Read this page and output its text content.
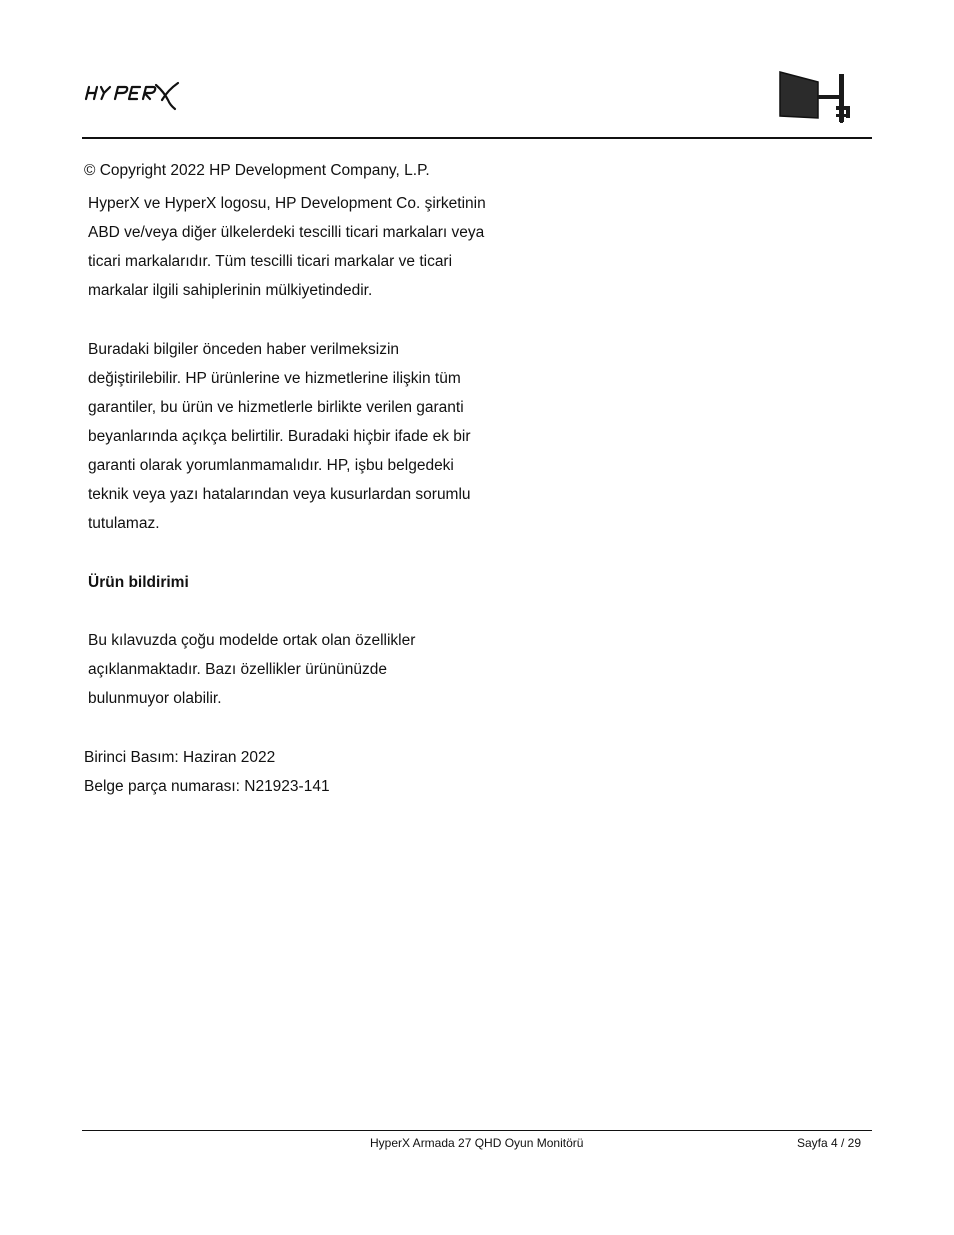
© Copyright 2022 HP Development Company, L.P.
HyperX ve HyperX logosu, HP Development Co. şirketinin
ABD ve/veya diğer ülkelerdeki tescilli ticari markaları veya
ticari markalarıdır. Tüm tescilli ticari markalar ve ticari
markalar ilgili sahiplerinin mülkiyetindedir.
Buradaki bilgiler önceden haber verilmeksizin
değiştirilebilir. HP ürünlerine ve hizmetlerine ilişkin tüm
garantiler, bu ürün ve hizmetlerle birlikte verilen garanti
beyanlarında açıkça belirtilir. Buradaki hiçbir ifade ek bir
garanti olarak yorumlanmamalıdır. HP, işbu belgedeki
teknik veya yazı hatalarından veya kusurlardan sorumlu
tutulamaz.
Ürün bildirimi
Bu kılavuzda çoğu modelde ortak olan özellikler
açıklanmaktadır. Bazı özellikler ürününüzde
bulunmuyor olabilir.
Birinci Basım: Haziran 2022
Belge parça numarası: N21923-141
HyperX Armada 27 QHD Oyun Monitörü	Sayfa 4 / 29
